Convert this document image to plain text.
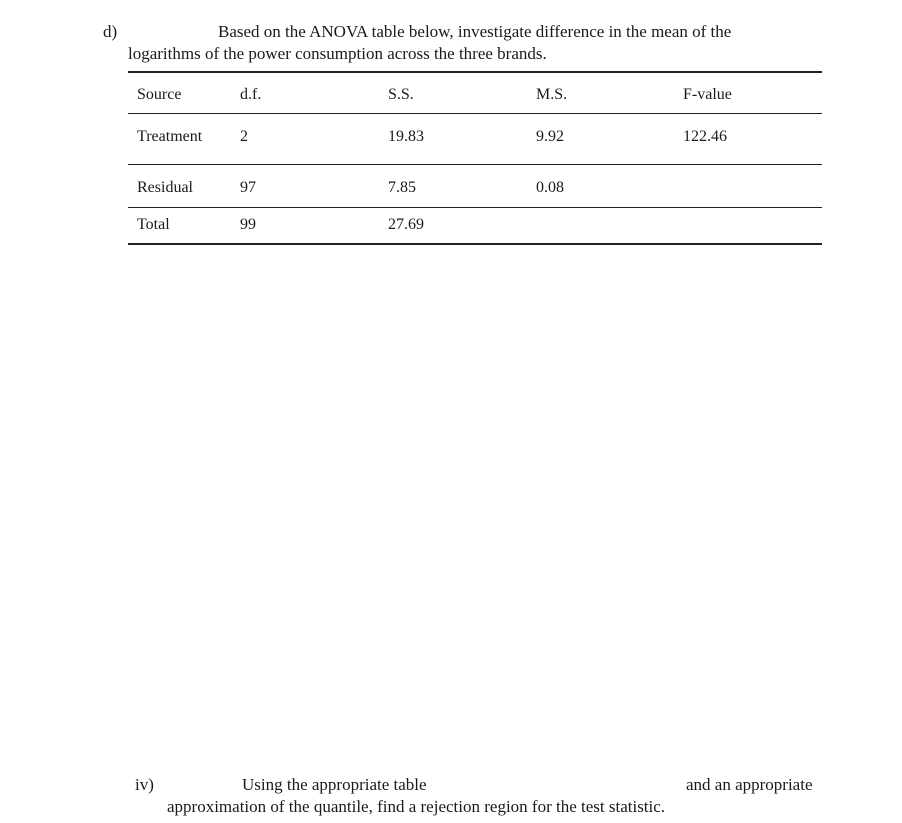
d)	Based on the ANOVA table below, investigate difference in the mean of the
logarithms of the power consumption across the three brands.
Source	d.f.	S.S.	M.S.	F-value
Treatment 2	19.83	9.92	122.46
Residual	97	7.85	0.08
Total	99	27.69
iv)	Using the appropriate table	and an appropriate
approximation of the quantile, find a rejection region for the test statistic.
